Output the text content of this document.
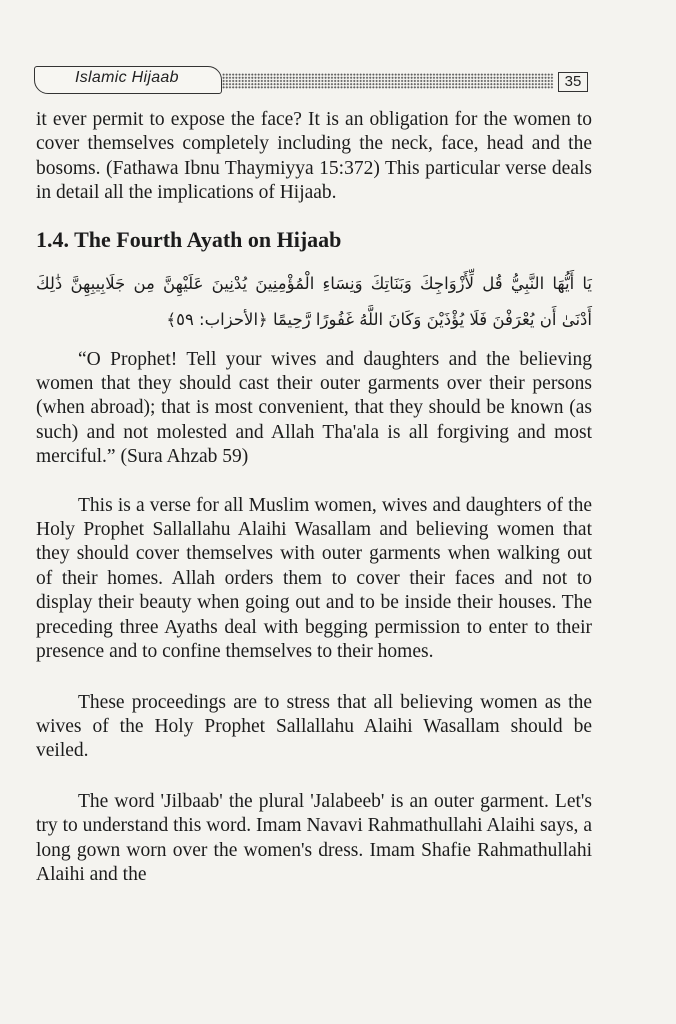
Islamic Hijaab	35

it ever permit to expose the face? It is an obligation for the women to cover themselves completely including the neck, face, head and the bosoms. (Fathawa Ibnu Thaymiyya 15:372) This particular verse deals in detail all the implications of Hijaab.

1.4. The Fourth Ayath on Hijaab

يَا أَيُّهَا النَّبِيُّ قُل لِّأَزْوَاجِكَ وَبَنَاتِكَ وَنِسَاءِ الْمُؤْمِنِينَ يُدْنِينَ عَلَيْهِنَّ مِن جَلَابِيبِهِنَّ ذَٰلِكَ أَدْنَىٰ أَن يُعْرَفْنَ فَلَا يُؤْذَيْنَ وَكَانَ اللَّهُ غَفُورًا رَّحِيمًا ﴿الأحزاب: ٥٩﴾

“O Prophet! Tell your wives and daughters and the believing women that they should cast their outer garments over their persons (when abroad); that is most convenient, that they should be known (as such) and not molested and Allah Tha'ala is all forgiving and most merciful.” (Sura Ahzab 59)

This is a verse for all Muslim women, wives and daughters of the Holy Prophet Sallallahu Alaihi Wasallam and believing women that they should cover themselves with outer garments when walking out of their homes. Allah orders them to cover their faces and not to display their beauty when going out and to be inside their houses. The preceding three Ayaths deal with begging permission to enter to their presence and to confine themselves to their homes.

These proceedings are to stress that all believing women as the wives of the Holy Prophet Sallallahu Alaihi Wasallam should be veiled.

The word 'Jilbaab' the plural 'Jalabeeb' is an outer garment. Let's try to understand this word. Imam Navavi Rahmathullahi Alaihi says, a long gown worn over the women's dress. Imam Shafie Rahmathullahi Alaihi and the
